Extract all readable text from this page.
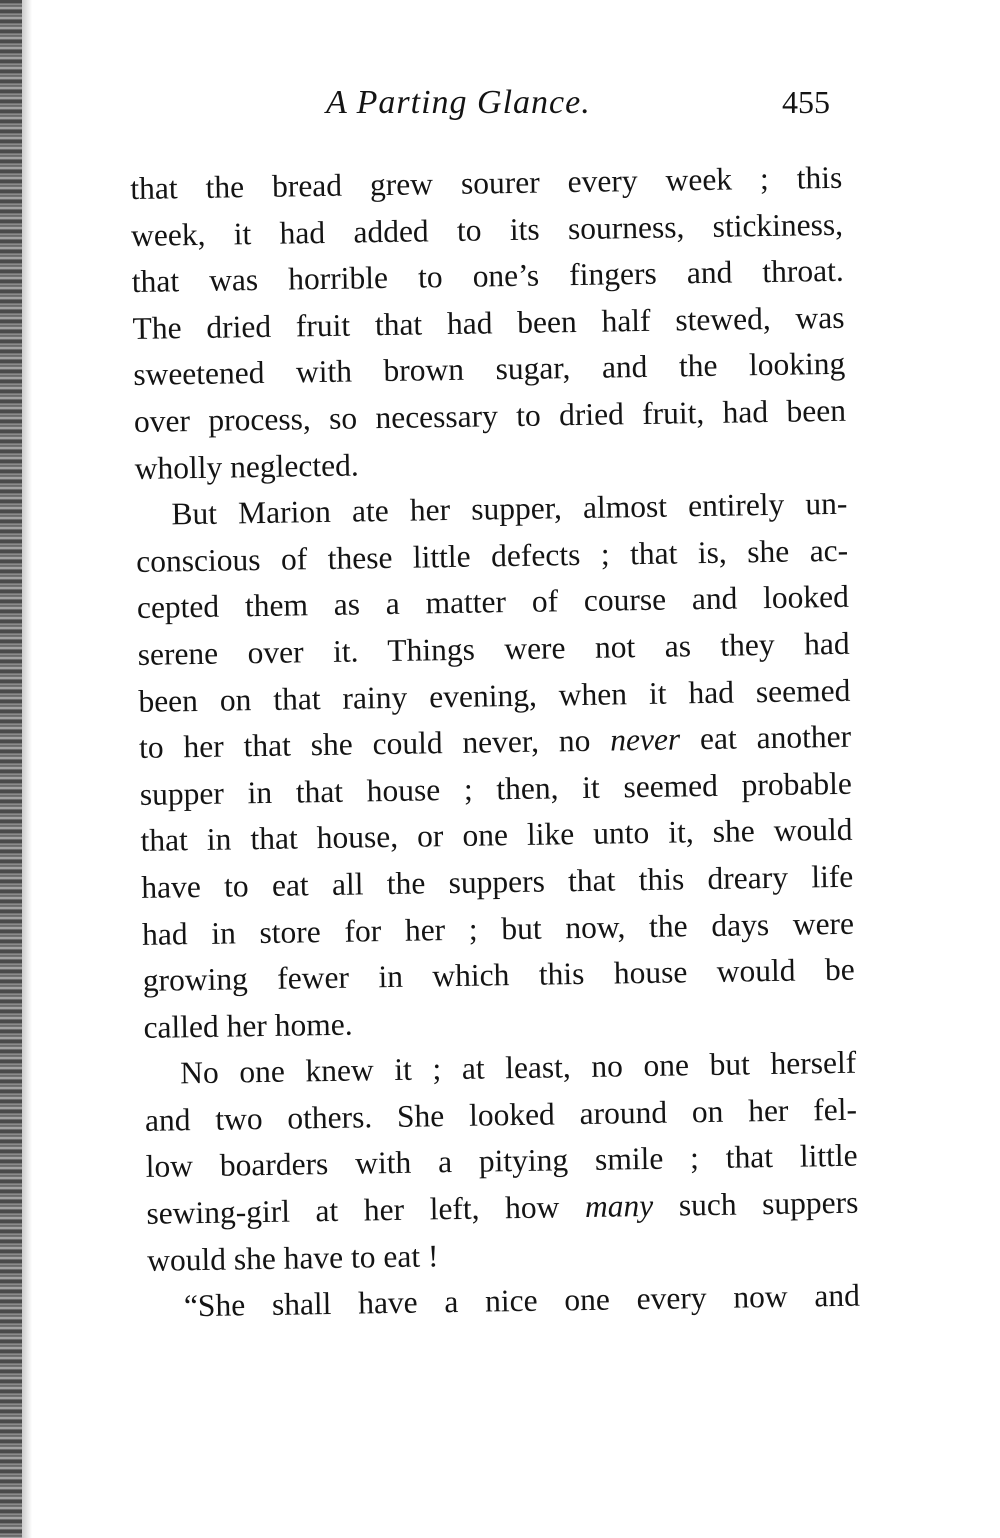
A Parting Glance.	455
that the bread grew sourer every week ; this
week, it had added to its sourness, stickiness,
that was horrible to one’s fingers and throat.
The dried fruit that had been half stewed, was
sweetened with brown sugar, and the looking
over process, so necessary to dried fruit, had been
wholly neglected.
But Marion ate her supper, almost entirely un-
conscious of these little defects ; that is, she ac-
cepted them as a matter of course and looked
serene over it. Things were not as they had
been on that rainy evening, when it had seemed
to her that she could never, no never eat another
supper in that house ; then, it seemed probable
that in that house, or one like unto it, she would
have to eat all the suppers that this dreary life
had in store for her ; but now, the days were
growing fewer in which this house would be
called her home.
No one knew it ; at least, no one but herself
and two others. She looked around on her fel-
low boarders with a pitying smile ; that little
sewing-girl at her left, how many such suppers
would she have to eat !
“She shall have a nice one every now and
